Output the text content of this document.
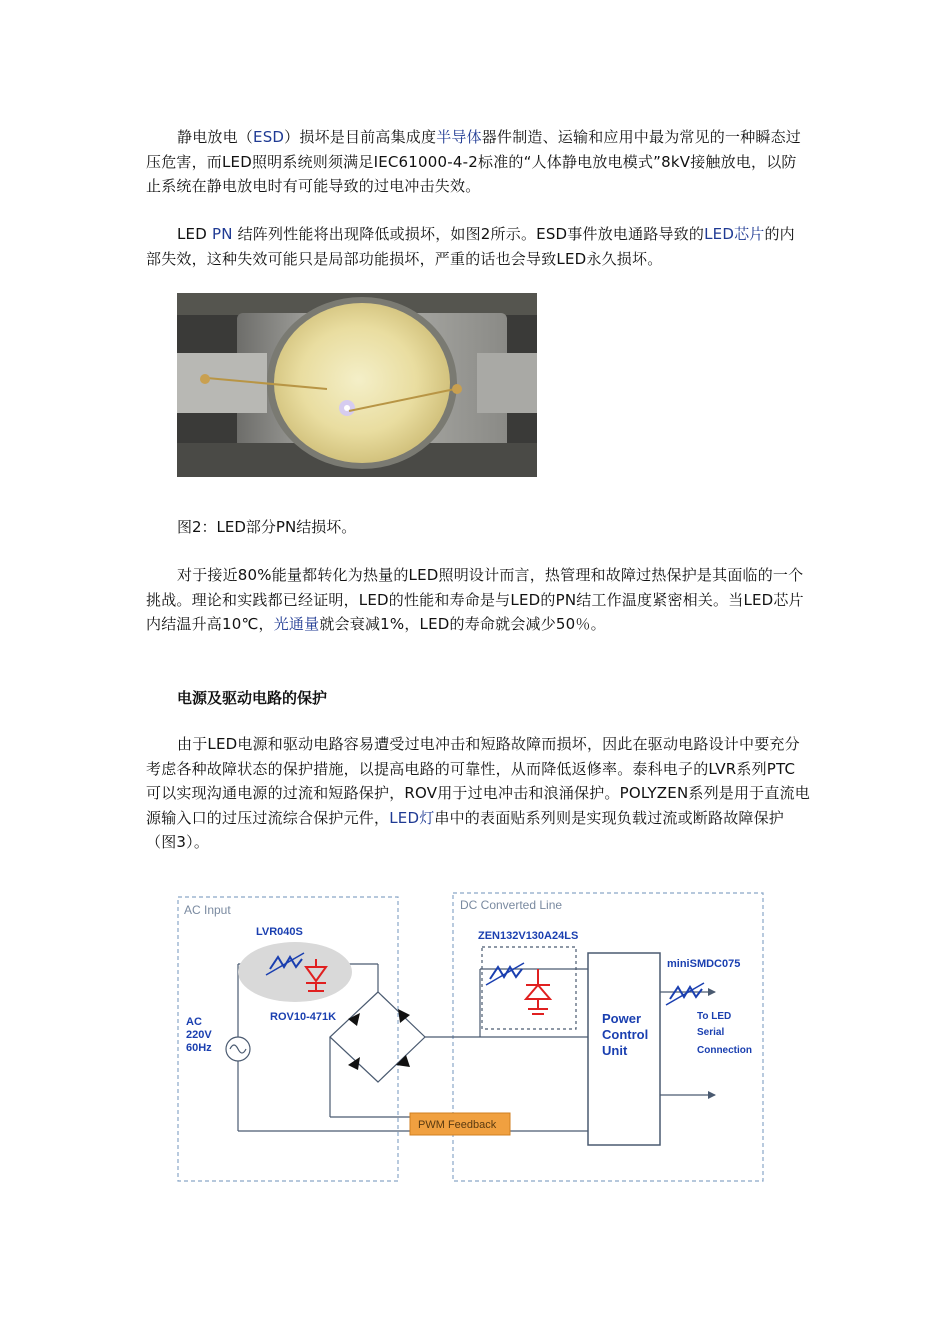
静电放电（ESD）损坏是目前高集成度半导体器件制造、运输和应用中最为常见的一种瞬态过压危害，而LED照明系统则须满足IEC61000-4-2标准的“人体静电放电模式”8kV接触放电，以防止系统在静电放电时有可能导致的过电冲击失效。

LED PN 结阵列性能将出现降低或损坏，如图2所示。ESD事件放电通路导致的LED芯片的内部失效，这种失效可能只是局部功能损坏，严重的话也会导致LED永久损坏。

图2：LED部分PN结损坏。

对于接近80%能量都转化为热量的LED照明设计而言，热管理和故障过热保护是其面临的一个挑战。理论和实践都已经证明，LED的性能和寿命是与LED的PN结工作温度紧密相关。当LED芯片内结温升高10℃，光通量就会衰减1%，LED的寿命就会减少50％。

电源及驱动电路的保护

由于LED电源和驱动电路容易遭受过电冲击和短路故障而损坏，因此在驱动电路设计中要充分考虑各种故障状态的保护措施，以提高电路的可靠性，从而降低返修率。泰科电子的LVR系列PTC可以实现沟通电源的过流和短路保护，ROV用于过电冲击和浪涌保护。POLYZEN系列是用于直流电源输入口的过压过流综合保护元件，LED灯串中的表面贴系列则是实现负载过流或断路故障保护（图3）。

AC Input	DC Converted Line
LVR040S
ROV10-471K
AC
220V
60Hz
ZEN132V130A24LS
Power
Control
Unit
miniSMDC075
To LED
Serial
Connection
PWM Feedback
